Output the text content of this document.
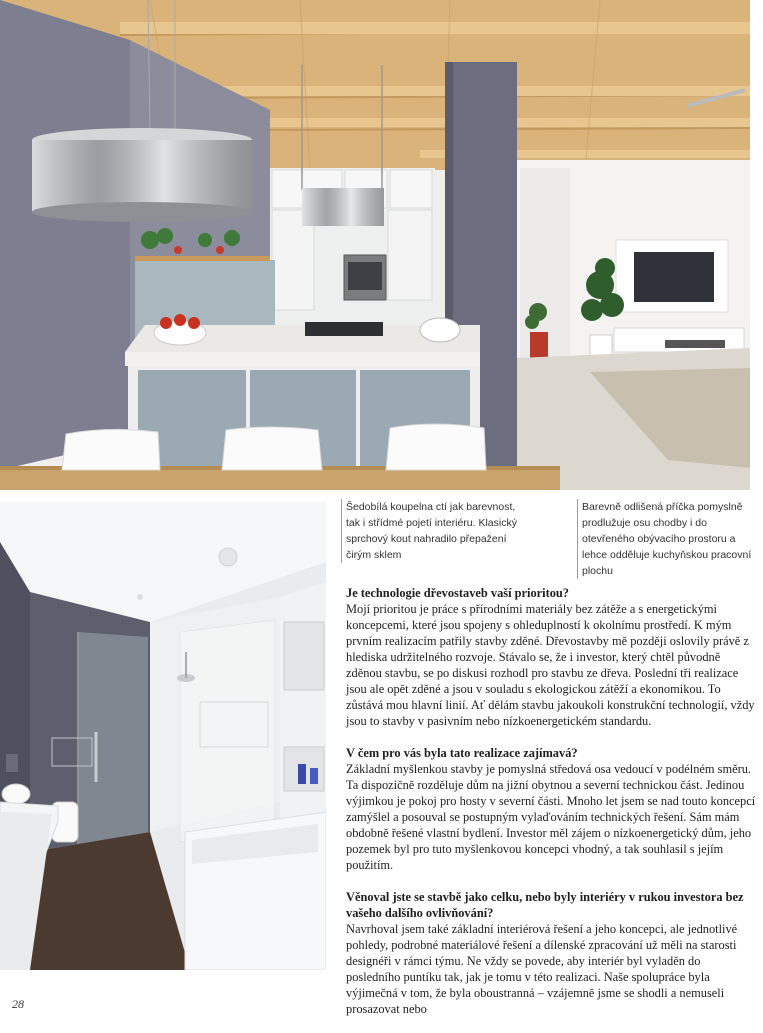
Šedobílá koupelna ctí jak barevnost, tak i střídmé pojetí interiéru. Klasický sprchový kout nahradilo přepažení čirým sklem
Barevně odlišená příčka pomyslně prodlužuje osu chodby i do otevřeného obývacího prostoru a lehce odděluje kuchyňskou pracovní plochu
Je technologie dřevostaveb vaší prioritou?

Mojí prioritou je práce s přírodními materiály bez zátěže a s energetickými koncepcemi, které jsou spojeny s ohleduplností k okolnímu prostředí. K mým prvním realizacím patřily stavby zděné. Dřevostavby mě později oslovily právě z hlediska udržitelného rozvoje. Stávalo se, že i investor, který chtěl původně zděnou stavbu, se po diskusi rozhodl pro stavbu ze dřeva. Poslední tři realizace jsou ale opět zděné a jsou v souladu s ekologickou zátěží a ekonomikou. To zůstává mou hlavní linií. Ať dělám stavbu jakoukoli konstrukční technologií, vždy jsou to stavby v pasivním nebo nízkoenergetickém standardu.

V čem pro vás byla tato realizace zajímavá?

Základní myšlenkou stavby je pomyslná středová osa vedoucí v podélném směru. Ta dispozičně rozděluje dům na jižní obytnou a severní technickou část. Jedinou výjimkou je pokoj pro hosty v severní části. Mnoho let jsem se nad touto koncepcí zamýšlel a posouval se postupným vylaďováním technických řešení. Sám mám obdobně řešené vlastní bydlení. Investor měl zájem o nízkoenergetický dům, jeho pozemek byl pro tuto myšlenkovou koncepci vhodný, a tak souhlasil s jejím použitím.

Věnoval jste se stavbě jako celku, nebo byly interiéry v rukou investora bez vašeho dalšího ovlivňování?

Navrhoval jsem také základní interiérová řešení a jeho koncepci, ale jednotlivé pohledy, podrobné materiálové řešení a dílenské zpracování už měli na starosti designéři v rámci týmu. Ne vždy se povede, aby interiér byl vyladěn do posledního puntíku tak, jak je tomu v této realizaci. Naše spolupráce byla výjimečná v tom, že byla oboustranná – vzájemně jsme se shodli a nemuseli prosazovat nebo

28
